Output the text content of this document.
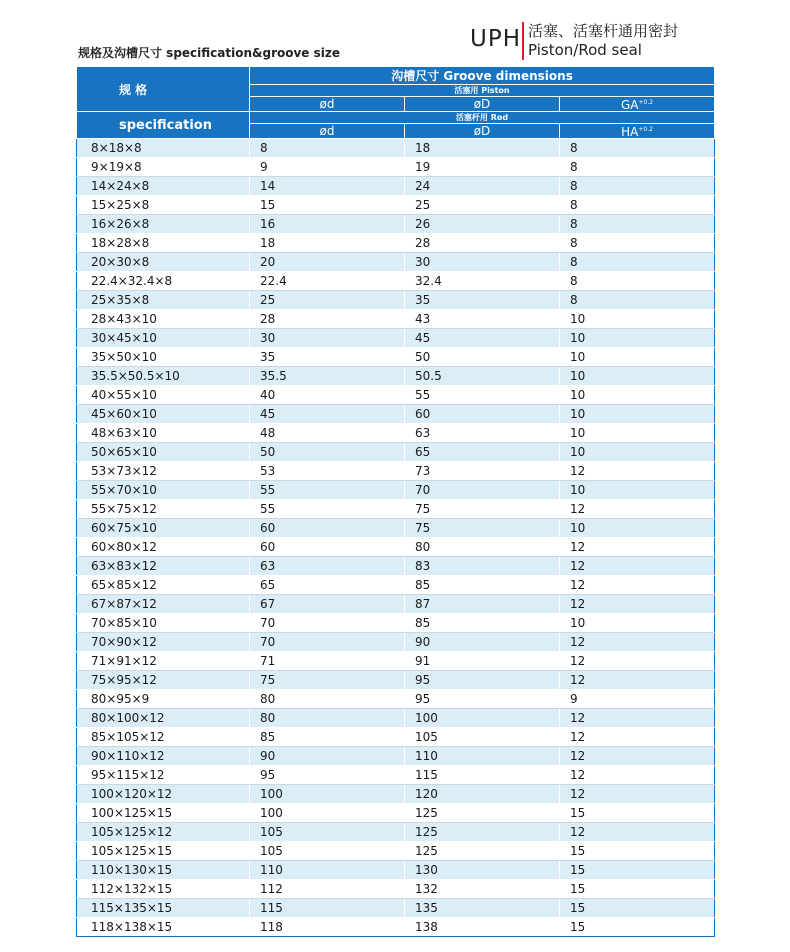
规格及沟槽尺寸 specification&groove size
UPH 活塞、活塞杆通用密封
Piston/Rod seal
规 格	沟槽尺寸 Groove dimensions		
	活塞用 Piston		
	ød	øD	$GA^{+0.2}$
specification	活塞杆用 Rod		
	ød	øD	$HA^{+0.2}$
8×18×8	8	18	8
9×19×8	9	19	8
14×24×8	14	24	8
15×25×8	15	25	8
16×26×8	16	26	8
18×28×8	18	28	8
20×30×8	20	30	8
22.4×32.4×8	22.4	32.4	8
25×35×8	25	35	8
28×43×10	28	43	10
30×45×10	30	45	10
35×50×10	35	50	10
35.5×50.5×10	35.5	50.5	10
40×55×10	40	55	10
45×60×10	45	60	10
48×63×10	48	63	10
50×65×10	50	65	10
53×73×12	53	73	12
55×70×10	55	70	10
55×75×12	55	75	12
60×75×10	60	75	10
60×80×12	60	80	12
63×83×12	63	83	12
65×85×12	65	85	12
67×87×12	67	87	12
70×85×10	70	85	10
70×90×12	70	90	12
71×91×12	71	91	12
75×95×12	75	95	12
80×95×9	80	95	9
80×100×12	80	100	12
85×105×12	85	105	12
90×110×12	90	110	12
95×115×12	95	115	12
100×120×12	100	120	12
100×125×15	100	125	15
105×125×12	105	125	12
105×125×15	105	125	15
110×130×15	110	130	15
112×132×15	112	132	15
115×135×15	115	135	15
118×138×15	118	138	15
